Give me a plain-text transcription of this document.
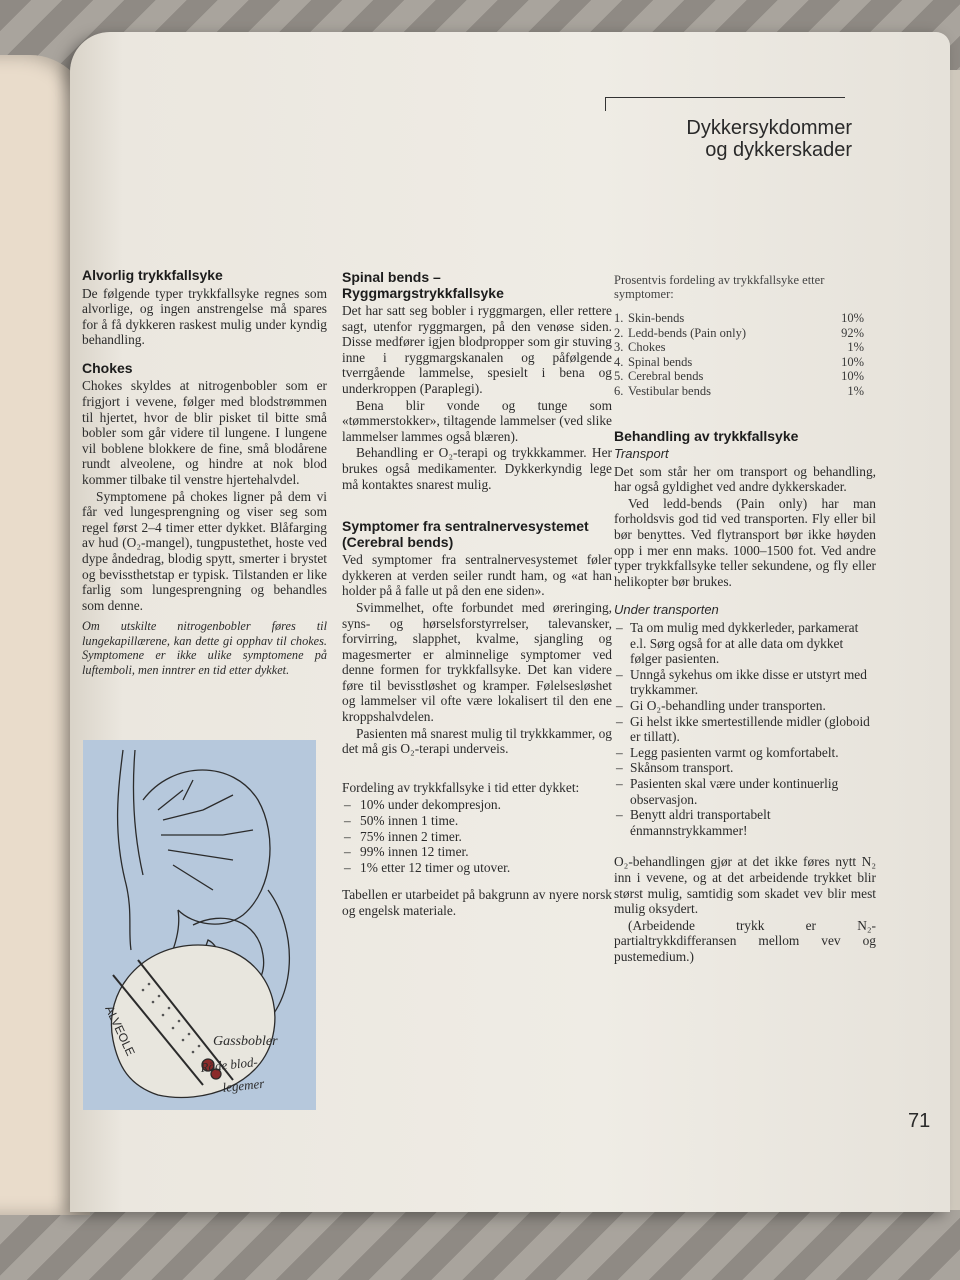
Dykkersykdommer
og dykkerskader
Alvorlig trykkfallsyke

De følgende typer trykkfallsyke regnes som alvorlige, og ingen anstrengelse må spares for å få dykkeren raskest mulig under kyndig behandling.

Chokes

Chokes skyldes at nitrogenbobler som er frigjort i vevene, følger med blodstrømmen til hjertet, hvor de blir pisket til bitte små bobler som går videre til lungene. I lungene vil boblene blokkere de fine, små blodårene rundt alveolene, og hindre at nok blod kommer tilbake til venstre hjertehalvdel.

Symptomene på chokes ligner på dem vi får ved lungesprengning og viser seg som regel først 2–4 timer etter dykket. Blåfarging av hud (O₂-mangel), tungpustethet, hoste ved dype åndedrag, blodig spytt, smerter i brystet og bevissthetstap er typisk. Tilstanden er like farlig som lungesprengning og behandles som denne.

Om utskilte nitrogenbobler føres til lungekapillærene, kan dette gi opphav til chokes. Symptomene er ikke ulike symptomene på luftemboli, men inntrer en tid etter dykket.

ALVEOLE	Gassbobler
Röde blod-
legemer
Spinal bends –
Ryggmargstrykkfallsyke

Det har satt seg bobler i ryggmargen, eller rettere sagt, utenfor ryggmargen, på den venøse siden. Disse medfører igjen blodpropper som gir stuving inne i ryggmargskanalen og påfølgende tverrgående lammelse, spesielt i bena og underkroppen (Paraplegi).

Bena blir vonde og tunge som «tømmerstokker», tiltagende lammelser (ved slike lammelser lammes også blæren).

Behandling er O₂-terapi og trykkkammer. Her brukes også medikamenter. Dykkerkyndig lege må kontaktes snarest mulig.

Symptomer fra sentralnervesystemet (Cerebral bends)

Ved symptomer fra sentralnervesystemet føler dykkeren at verden seiler rundt ham, og «at han holder på å falle ut på den ene siden».

Svimmelhet, ofte forbundet med øreringing, syns- og hørselsforstyrrelser, talevansker, forvirring, slapphet, kvalme, sjangling og magesmerter er alminnelige symptomer ved denne formen for trykkfallsyke. Det kan videre føre til bevisstløshet og kramper. Følelsesløshet og lammelser vil ofte være lokalisert til den ene kroppshalvdelen.

Pasienten må snarest mulig til trykkkammer, og det må gis O₂-terapi underveis.

Fordeling av trykkfallsyke i tid etter dykket:

– 10% under dekompresjon.
– 50% innen 1 time.
– 75% innen 2 timer.
– 99% innen 12 timer.
– 1% etter 12 timer og utover.

Tabellen er utarbeidet på bakgrunn av nyere norsk og engelsk materiale.

Prosentvis fordeling av trykkfallsyke etter symptomer:
1.	Skin-bends	10%
2.	Ledd-bends (Pain only)	92%
3.	Chokes	1%
4.	Spinal bends	10%
5.	Cerebral bends	10%
6.	Vestibular bends	1%
Behandling av trykkfallsyke
Transport

Det som står her om transport og behandling, har også gyldighet ved andre dykkerskader.

Ved ledd-bends (Pain only) har man forholdsvis god tid ved transporten. Fly eller bil bør benyttes. Ved flytransport bør ikke høyden opp i mer enn maks. 1000–1500 fot. Ved andre typer trykkfallsyke teller sekundene, og fly eller helikopter bør brukes.

Under transporten
– Ta om mulig med dykkerleder, parkamerat e.l. Sørg også for at alle data om dykket følger pasienten.
– Unngå sykehus om ikke disse er utstyrt med trykkammer.
– Gi O₂-behandling under transporten.
– Gi helst ikke smertestillende midler (globoid er tillatt).
– Legg pasienten varmt og komfortabelt.
– Skånsom transport.
– Pasienten skal være under kontinuerlig observasjon.
– Benytt aldri transportabelt énmannstrykkammer!

O₂-behandlingen gjør at det ikke føres nytt N₂ inn i vevene, og at det arbeidende trykket blir størst mulig, samtidig som skadet vev blir mest mulig oksydert.

(Arbeidende trykk er N₂-partialtrykkdifferansen mellom vev og pustemedium.)

71
